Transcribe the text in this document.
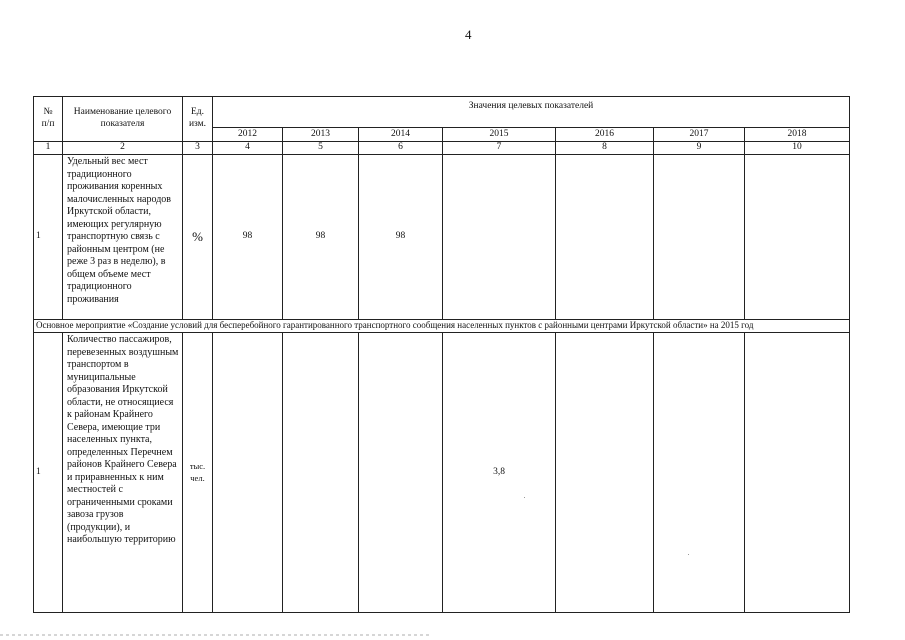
4
№
п/п	Наименование целевого показателя	Ед. изм.	Значения целевых показателей						
			2012	2013	2014	2015	2016	2017	2018
1	2	3	4	5	6	7	8	9	10
1	Удельный вес мест традиционного проживания коренных малочисленных народов Иркутской области, имеющих регулярную транспортную связь с районным центром (не реже 3 раз в неделю), в общем объеме мест традиционного проживания	%	98	98	98				
Основное мероприятие «Создание условий для бесперебойного гарантированного транспортного сообщения населенных пунктов с районными центрами Иркутской области» на 2015 год									
1	Количество пассажиров, перевезенных воздушным транспортом в муниципальные образования Иркутской области, не относящиеся к районам Крайнего Севера, имеющие три населенных пункта, определенных Перечнем районов Крайнего Севера и приравненных к ним местностей с ограниченными сроками завоза грузов (продукции), и наибольшую территорию	тыс. чел.				3,8			
